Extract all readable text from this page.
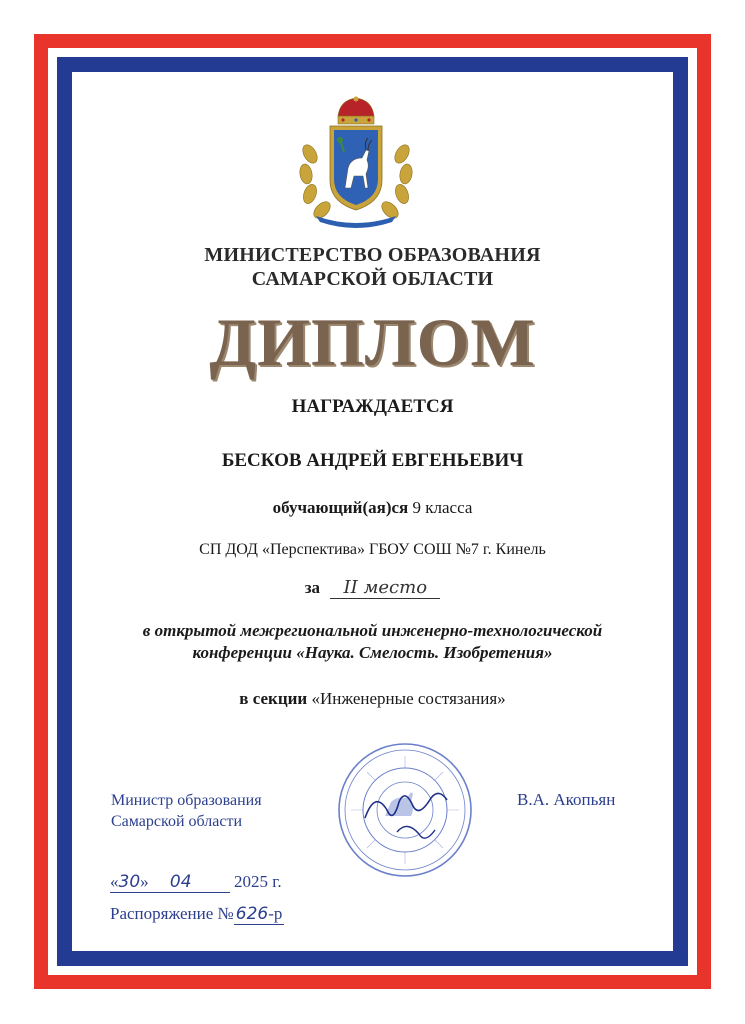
МИНИСТЕРСТВО ОБРАЗОВАНИЯ
САМАРСКОЙ ОБЛАСТИ
ДИПЛОМ
НАГРАЖДАЕТСЯ
БЕСКОВ АНДРЕЙ ЕВГЕНЬЕВИЧ
обучающий(ая)ся 9 класса
СП ДОД «Перспектива» ГБОУ СОШ №7 г. Кинель
за II место
в открытой межрегиональной инженерно-технологической
конференции «Наука. Смелость. Изобретения»
в секции «Инженерные состязания»
Министр образования
Самарской области
В.А. Акопьян
«30» 04	2025 г.
Распоряжение № 626-р
